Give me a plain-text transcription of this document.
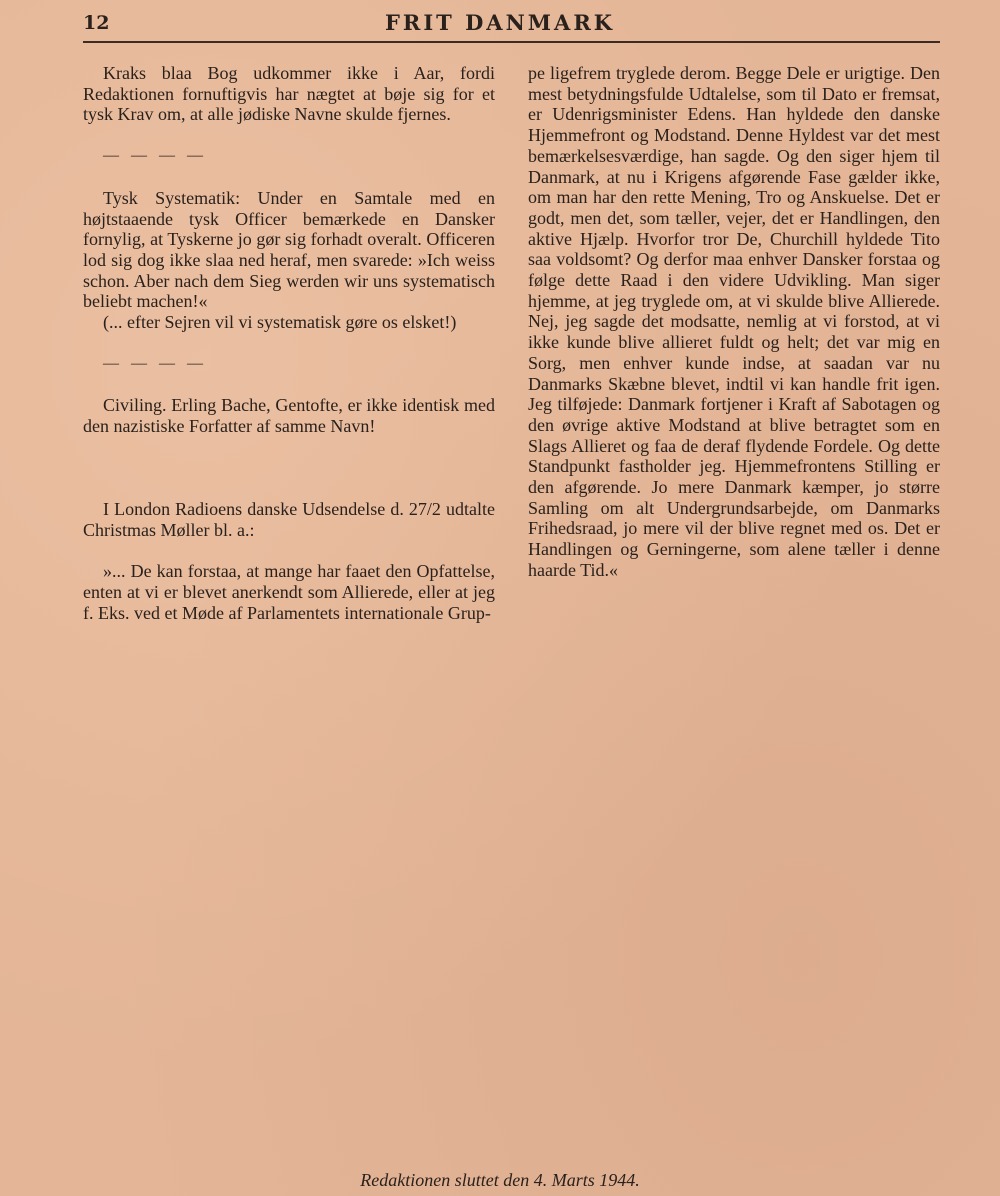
12	FRIT DANMARK

Kraks blaa Bog udkommer ikke i Aar, fordi Redaktionen fornuftigvis har nægtet at bøje sig for et tysk Krav om, at alle jødiske Navne skulde fjernes.

— — — —

Tysk Systematik: Under en Samtale med en højtstaaende tysk Officer bemærkede en Dansker fornylig, at Tyskerne jo gør sig forhadt overalt. Officeren lod sig dog ikke slaa ned heraf, men svarede: »Ich weiss schon. Aber nach dem Sieg werden wir uns systematisch beliebt machen!«

(... efter Sejren vil vi systematisk gøre os elsket!)

— — — —

Civiling. Erling Bache, Gentofte, er ikke identisk med den nazistiske Forfatter af samme Navn!

I London Radioens danske Udsendelse d. 27/2 udtalte Christmas Møller bl. a.:

»... De kan forstaa, at mange har faaet den Opfattelse, enten at vi er blevet anerkendt som Allierede, eller at jeg f. Eks. ved et Møde af Parlamentets internationale Grup-

pe ligefrem tryglede derom. Begge Dele er urigtige. Den mest betydningsfulde Udtalelse, som til Dato er fremsat, er Udenrigsminister Edens. Han hyldede den danske Hjemmefront og Modstand. Denne Hyldest var det mest bemærkelsesværdige, han sagde. Og den siger hjem til Danmark, at nu i Krigens afgørende Fase gælder ikke, om man har den rette Mening, Tro og Anskuelse. Det er godt, men det, som tæller, vejer, det er Handlingen, den aktive Hjælp. Hvorfor tror De, Churchill hyldede Tito saa voldsomt? Og derfor maa enhver Dansker forstaa og følge dette Raad i den videre Udvikling. Man siger hjemme, at jeg tryglede om, at vi skulde blive Allierede. Nej, jeg sagde det modsatte, nemlig at vi forstod, at vi ikke kunde blive allieret fuldt og helt; det var mig en Sorg, men enhver kunde indse, at saadan var nu Danmarks Skæbne blevet, indtil vi kan handle frit igen. Jeg tilføjede: Danmark fortjener i Kraft af Sabotagen og den øvrige aktive Modstand at blive betragtet som en Slags Allieret og faa de deraf flydende Fordele. Og dette Standpunkt fastholder jeg. Hjemmefrontens Stilling er den afgørende. Jo mere Danmark kæmper, jo større Samling om alt Undergrundsarbejde, om Danmarks Frihedsraad, jo mere vil der blive regnet med os. Det er Handlingen og Gerningerne, som alene tæller i denne haarde Tid.«

Redaktionen sluttet den 4. Marts 1944.
